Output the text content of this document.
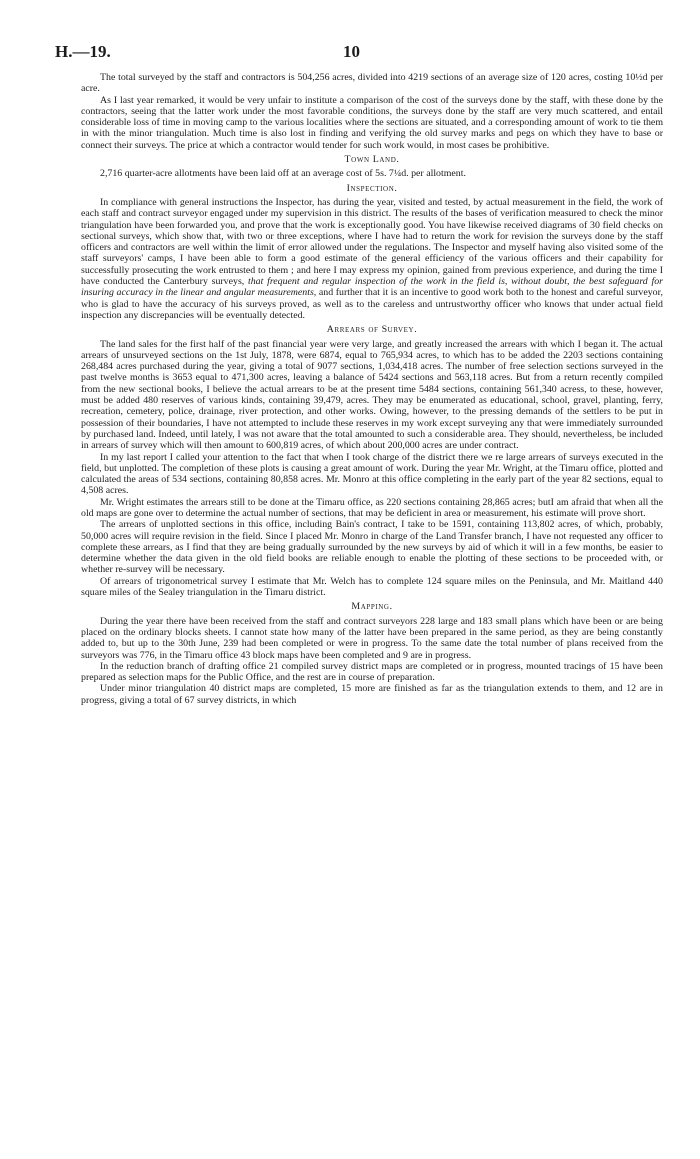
H.—19.	10

The total surveyed by the staff and contractors is 504,256 acres, divided into 4219 sections of an average size of 120 acres, costing 10½d per acre.

As I last year remarked, it would be very unfair to institute a comparison of the cost of the surveys done by the staff, with these done by the contractors, seeing that the latter work under the most favorable conditions, the surveys done by the staff are very much scattered, and entail considerable loss of time in moving camp to the various localities where the sections are situated, and a corresponding amount of work to tie them in with the minor triangulation. Much time is also lost in finding and verifying the old survey marks and pegs on which they have to base or connect their surveys. The price at which a contractor would tender for such work would, in most cases be prohibitive.

Town Land.

2,716 quarter-acre allotments have been laid off at an average cost of 5s. 7¼d. per allotment.

Inspection.

In compliance with general instructions the Inspector, has during the year, visited and tested, by actual measurement in the field, the work of each staff and contract surveyor engaged under my supervision in this district. The results of the bases of verification measured to check the minor triangulation have been forwarded you, and prove that the work is exceptionally good. You have likewise received diagrams of 30 field checks on sectional surveys, which show that, with two or three exceptions, where I have had to return the work for revision the surveys done by the staff officers and contractors are well within the limit of error allowed under the regulations. The Inspector and myself having also visited some of the staff surveyors' camps, I have been able to form a good estimate of the general efficiency of the various officers and their capability for successfully prosecuting the work entrusted to them ; and here I may express my opinion, gained from previous experience, and during the time I have conducted the Canterbury surveys, that frequent and regular inspection of the work in the field is, without doubt, the best safeguard for insuring accuracy in the linear and angular measurements, and further that it is an incentive to good work both to the honest and careful surveyor, who is glad to have the accuracy of his surveys proved, as well as to the careless and untrustworthy officer who knows that under actual field inspection any discrepancies will be eventually detected.

Arrears of Survey.

The land sales for the first half of the past financial year were very large, and greatly increased the arrears with which I began it. The actual arrears of unsurveyed sections on the 1st July, 1878, were 6874, equal to 765,934 acres, to which has to be added the 2203 sections containing 268,484 acres purchased during the year, giving a total of 9077 sections, 1,034,418 acres. The number of free selection sections surveyed in the past twelve months is 3653 equal to 471,300 acres, leaving a balance of 5424 sections and 563,118 acres. But from a return recently compiled from the new sectional books, I believe the actual arrears to be at the present time 5484 sections, containing 561,340 acress, to these, however, must be added 480 reserves of various kinds, containing 39,479, acres. They may be enumerated as educational, school, gravel, planting, ferry, recreation, cemetery, police, drainage, river protection, and other works. Owing, however, to the pressing demands of the settlers to be put in possession of their boundaries, I have not attempted to include these reserves in my work except surveying any that were immediately surrounded by purchased land. Indeed, until lately, I was not aware that the total amounted to such a considerable area. They should, nevertheless, be included in arrears of survey which will then amount to 600,819 acres, of which about 200,000 acres are under contract.

In my last report I called your attention to the fact that when I took charge of the district there we re large arrears of surveys executed in the field, but unplotted. The completion of these plots is causing a great amount of work. During the year Mr. Wright, at the Timaru office, plotted and calculated the areas of 534 sections, containing 80,858 acres. Mr. Monro at this office completing in the early part of the year 82 sections, equal to 4,508 acres.

Mr. Wright estimates the arrears still to be done at the Timaru office, as 220 sections containing 28,865 acres; butI am afraid that when all the old maps are gone over to determine the actual number of sections, that may be deficient in area or measurement, his estimate will prove short.

The arrears of unplotted sections in this office, including Bain's contract, I take to be 1591, containing 113,802 acres, of which, probably, 50,000 acres will require revision in the field. Since I placed Mr. Monro in charge of the Land Transfer branch, I have not requested any officer to complete these arrears, as I find that they are being gradually surrounded by the new surveys by aid of which it will in a few months, be easier to determine whether the data given in the old field books are reliable enough to enable the plotting of these sections to be proceeded with, or whether re-survey will be necessary.

Of arrears of trigonometrical survey I estimate that Mr. Welch has to complete 124 square miles on the Peninsula, and Mr. Maitland 440 square miles of the Sealey triangulation in the Timaru district.

Mapping.

During the year there have been received from the staff and contract surveyors 228 large and 183 small plans which have been or are being placed on the ordinary blocks sheets. I cannot state how many of the latter have been prepared in the same period, as they are being constantly added to, but up to the 30th June, 239 had been completed or were in progress. To the same date the total number of plans received from the surveyors was 776, in the Timaru office 43 block maps have been completed and 9 are in progress.

In the reduction branch of drafting office 21 compiled survey district maps are completed or in progress, mounted tracings of 15 have been prepared as selection maps for the Public Office, and the rest are in course of preparation.

Under minor triangulation 40 district maps are completed, 15 more are finished as far as the triangulation extends to them, and 12 are in progress, giving a total of 67 survey districts, in which
